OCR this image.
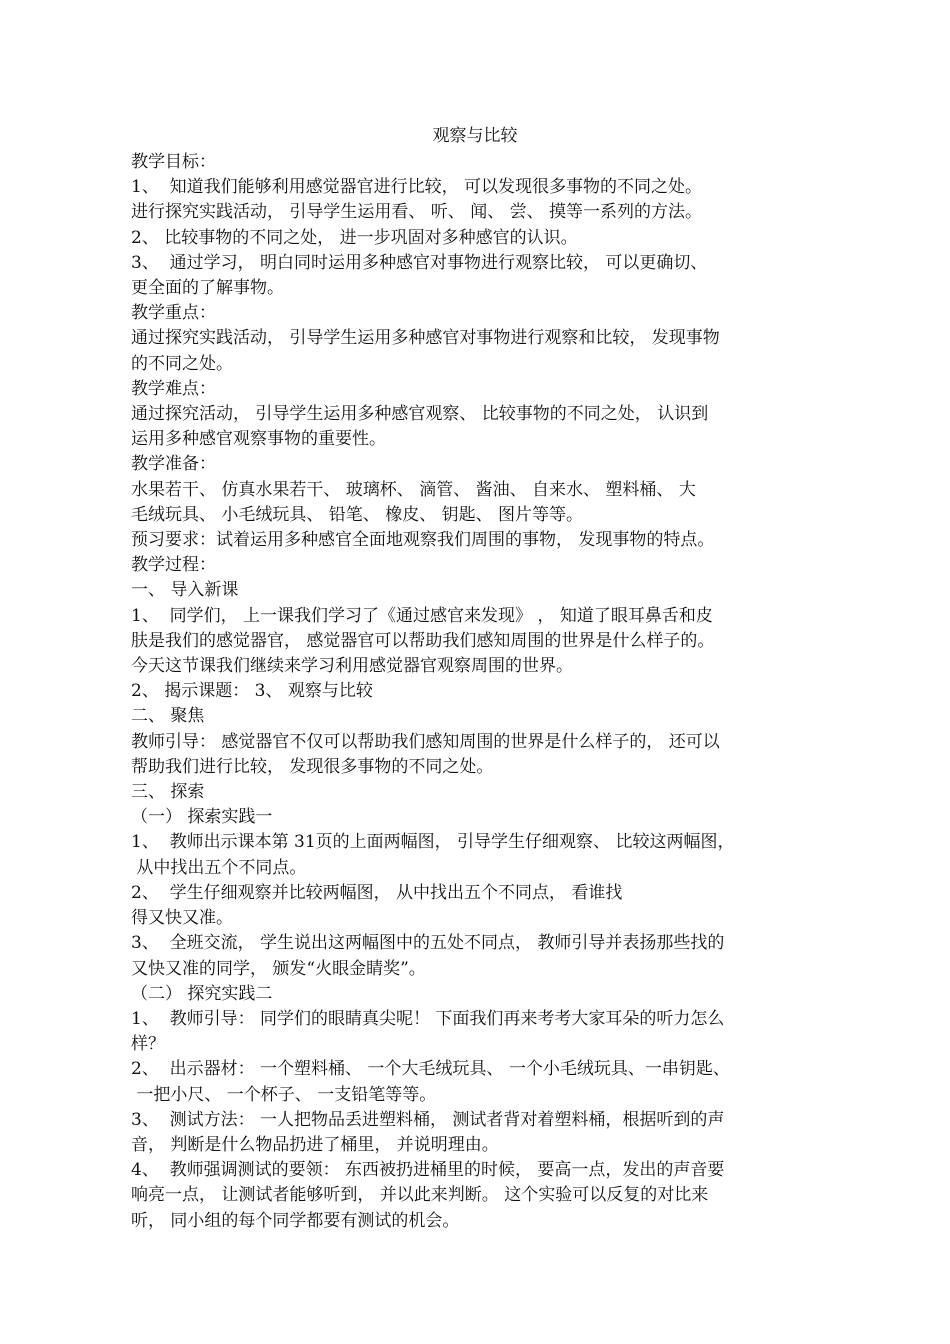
观察与比较

教学目标：

1、  知道我们能够利用感觉器官进行比较， 可以发现很多事物的不同之处。

进行探究实践活动， 引导学生运用看、 听、 闻、 尝、 摸等一系列的方法。

2、 比较事物的不同之处， 进一步巩固对多种感官的认识。

3、  通过学习， 明白同时运用多种感官对事物进行观察比较， 可以更确切、

更全面的了解事物。

教学重点：

通过探究实践活动， 引导学生运用多种感官对事物进行观察和比较， 发现事物

的不同之处。

教学难点：

通过探究活动， 引导学生运用多种感官观察、 比较事物的不同之处， 认识到

运用多种感官观察事物的重要性。

教学准备：

水果若干、 仿真水果若干、 玻璃杯、 滴管、 酱油、 自来水、 塑料桶、 大

毛绒玩具、 小毛绒玩具、 铅笔、 橡皮、 钥匙、 图片等等。

预习要求：试着运用多种感官全面地观察我们周围的事物， 发现事物的特点。

教学过程：

一、 导入新课

1、  同学们， 上一课我们学习了《通过感官来发现》 ， 知道了眼耳鼻舌和皮

肤是我们的感觉器官， 感觉器官可以帮助我们感知周围的世界是什么样子的。

今天这节课我们继续来学习利用感觉器官观察周围的世界。

2、 揭示课题： 3、 观察与比较

二、 聚焦

教师引导： 感觉器官不仅可以帮助我们感知周围的世界是什么样子的， 还可以

帮助我们进行比较， 发现很多事物的不同之处。

三、 探索

（一） 探索实践一

1、  教师出示课本第 31页的上面两幅图， 引导学生仔细观察、 比较这两幅图，

从中找出五个不同点。

2、  学生仔细观察并比较两幅图， 从中找出五个不同点， 看谁找

得又快又准。

3、  全班交流， 学生说出这两幅图中的五处不同点， 教师引导并表扬那些找的

又快又准的同学， 颁发“火眼金睛奖”。

（二） 探究实践二

1、  教师引导： 同学们的眼睛真尖呢！ 下面我们再来考考大家耳朵的听力怎么

样？

2、  出示器材： 一个塑料桶、 一个大毛绒玩具、 一个小毛绒玩具、一串钥匙、

一把小尺、 一个杯子、 一支铅笔等等。

3、  测试方法： 一人把物品丢进塑料桶， 测试者背对着塑料桶，根据听到的声

音， 判断是什么物品扔进了桶里， 并说明理由。

4、  教师强调测试的要领： 东西被扔进桶里的时候， 要高一点，发出的声音要

响亮一点， 让测试者能够听到， 并以此来判断。 这个实验可以反复的对比来

听， 同小组的每个同学都要有测试的机会。
